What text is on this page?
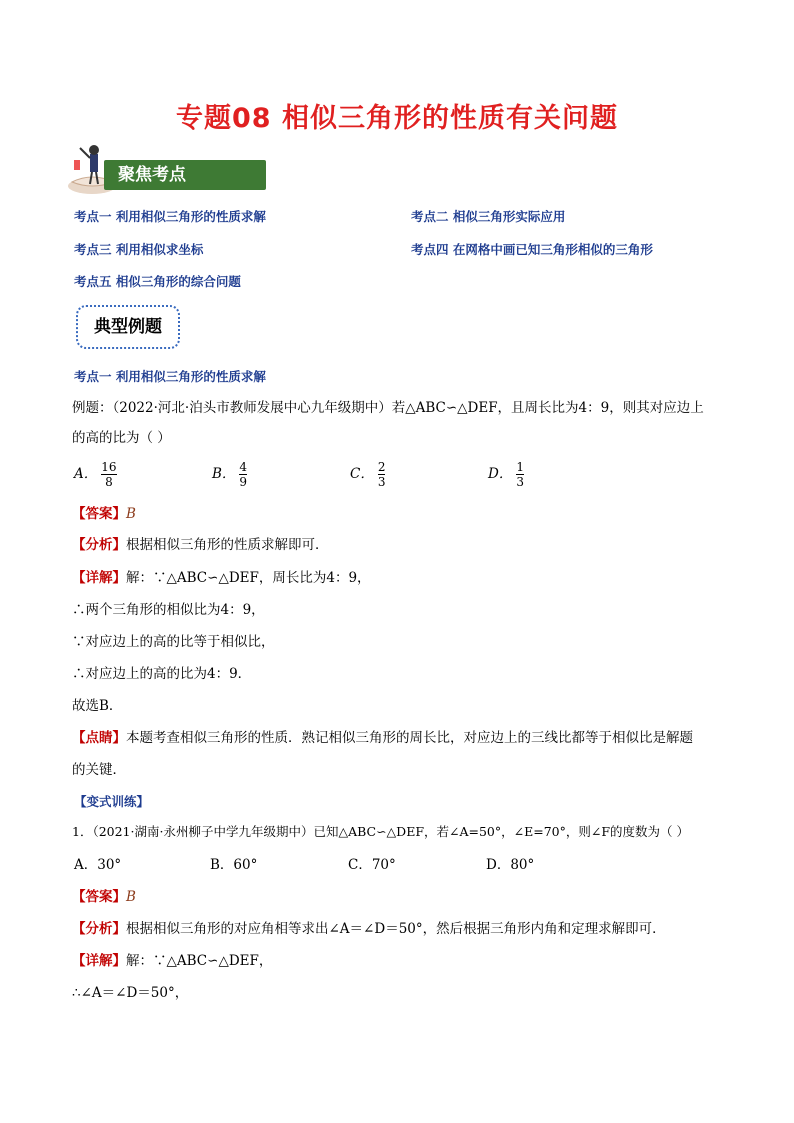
专题08 相似三角形的性质有关问题
聚焦考点
考点一 利用相似三角形的性质求解	考点二 相似三角形实际应用
考点三 利用相似求坐标	考点四 在网格中画已知三角形相似的三角形
考点五 相似三角形的综合问题
典型例题
考点一 利用相似三角形的性质求解
例题：（2022·河北·泊头市教师发展中心九年级期中）若△ABC∽△DEF，且周长比为4：9，则其对应边上
的高的比为（ ）
A． $\frac{16}{8}$	B． $\frac{4}{9}$	C． $\frac{2}{3}$	D． $\frac{1}{3}$
【答案】B
【分析】根据相似三角形的性质求解即可．
【详解】解：∵△ABC∽△DEF，周长比为4：9，
∴两个三角形的相似比为4：9，
∵对应边上的高的比等于相似比，
∴对应边上的高的比为4：9．
故选B．
【点睛】本题考查相似三角形的性质．熟记相似三角形的周长比，对应边上的三线比都等于相似比是解题
的关键．
【变式训练】
1．（2021·湖南·永州柳子中学九年级期中）已知△ABC∽△DEF，若∠A=50°，∠E=70°，则∠F的度数为（ ）
A．30°	B．60°	C．70°	D．80°
【答案】B
【分析】根据相似三角形的对应角相等求出∠A＝∠D＝50°，然后根据三角形内角和定理求解即可．
【详解】解：∵△ABC∽△DEF，
∴∠A＝∠D＝50°，
